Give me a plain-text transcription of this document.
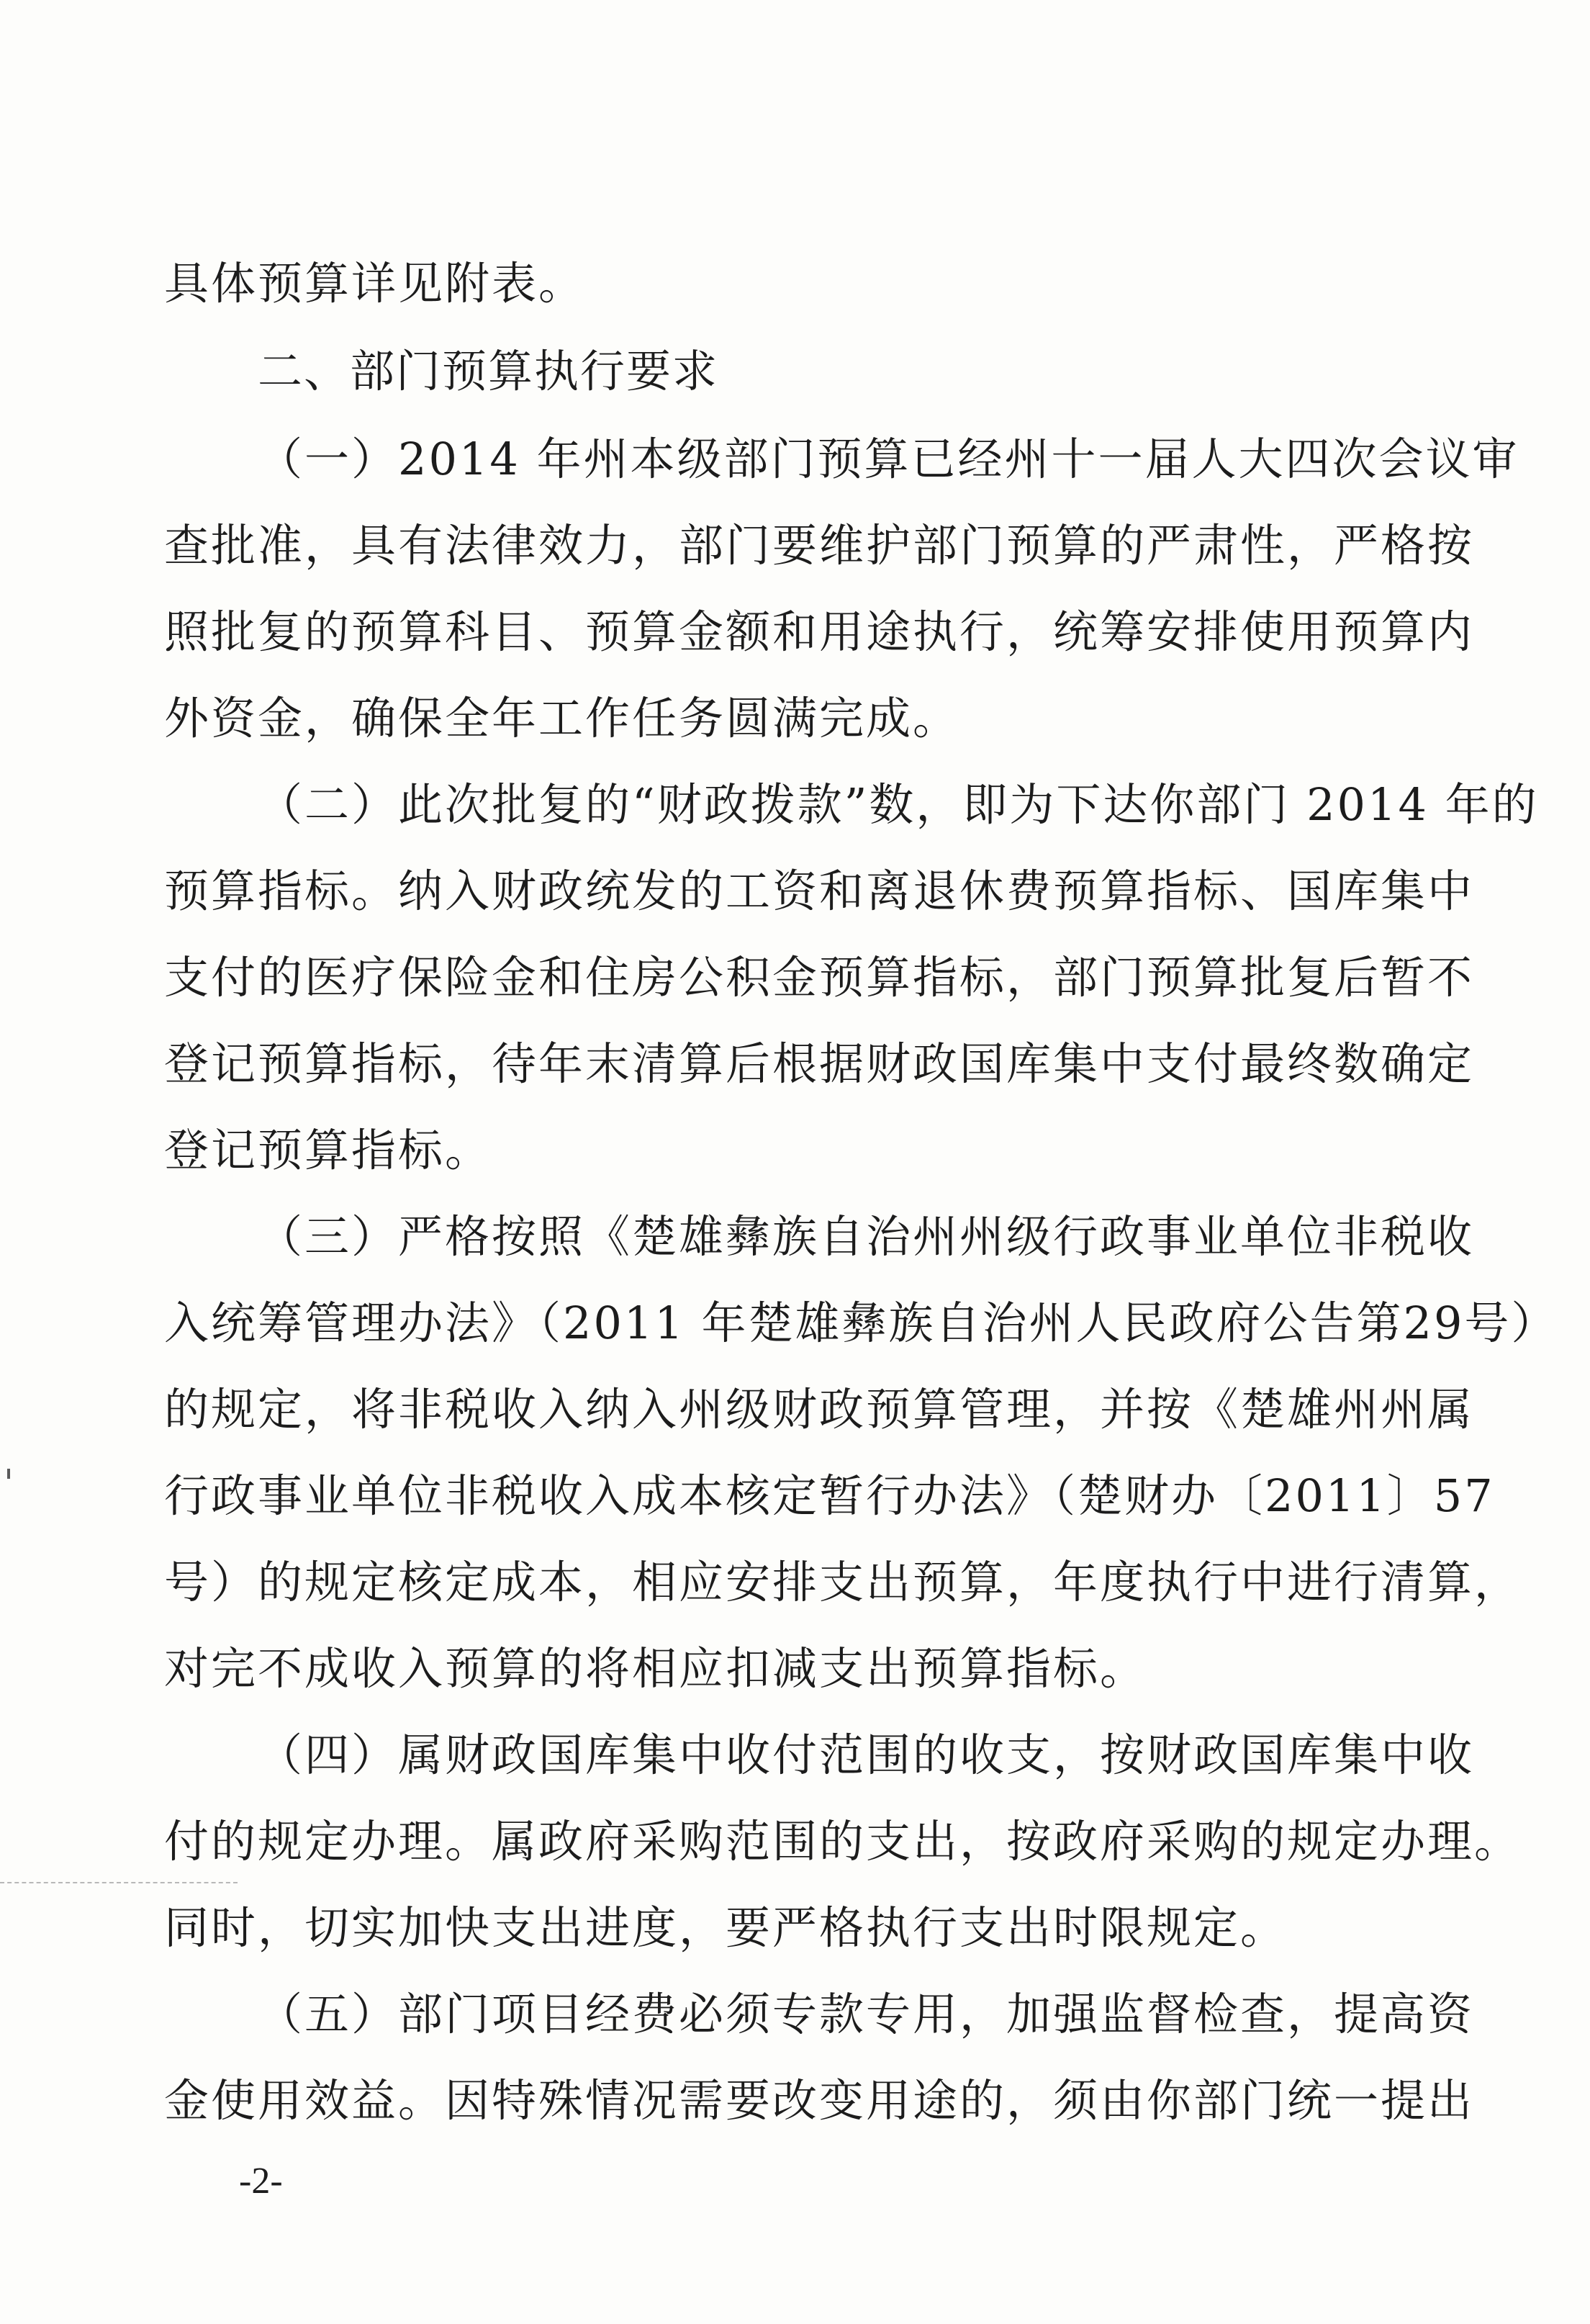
具体预算详见附表。
二、部门预算执行要求
（一）2014 年州本级部门预算已经州十一届人大四次会议审
查批准，具有法律效力，部门要维护部门预算的严肃性，严格按
照批复的预算科目、预算金额和用途执行，统筹安排使用预算内
外资金，确保全年工作任务圆满完成。
（二）此次批复的“财政拨款”数，即为下达你部门 2014 年的
预算指标。纳入财政统发的工资和离退休费预算指标、国库集中
支付的医疗保险金和住房公积金预算指标，部门预算批复后暂不
登记预算指标，待年末清算后根据财政国库集中支付最终数确定
登记预算指标。
（三）严格按照《楚雄彝族自治州州级行政事业单位非税收
入统筹管理办法》（2011 年楚雄彝族自治州人民政府公告第29号）
的规定，将非税收入纳入州级财政预算管理，并按《楚雄州州属
行政事业单位非税收入成本核定暂行办法》（楚财办〔2011〕57
号）的规定核定成本，相应安排支出预算，年度执行中进行清算，
对完不成收入预算的将相应扣减支出预算指标。
（四）属财政国库集中收付范围的收支，按财政国库集中收
付的规定办理。属政府采购范围的支出，按政府采购的规定办理。
同时，切实加快支出进度，要严格执行支出时限规定。
（五）部门项目经费必须专款专用，加强监督检查，提高资
金使用效益。因特殊情况需要改变用途的，须由你部门统一提出
-2-
